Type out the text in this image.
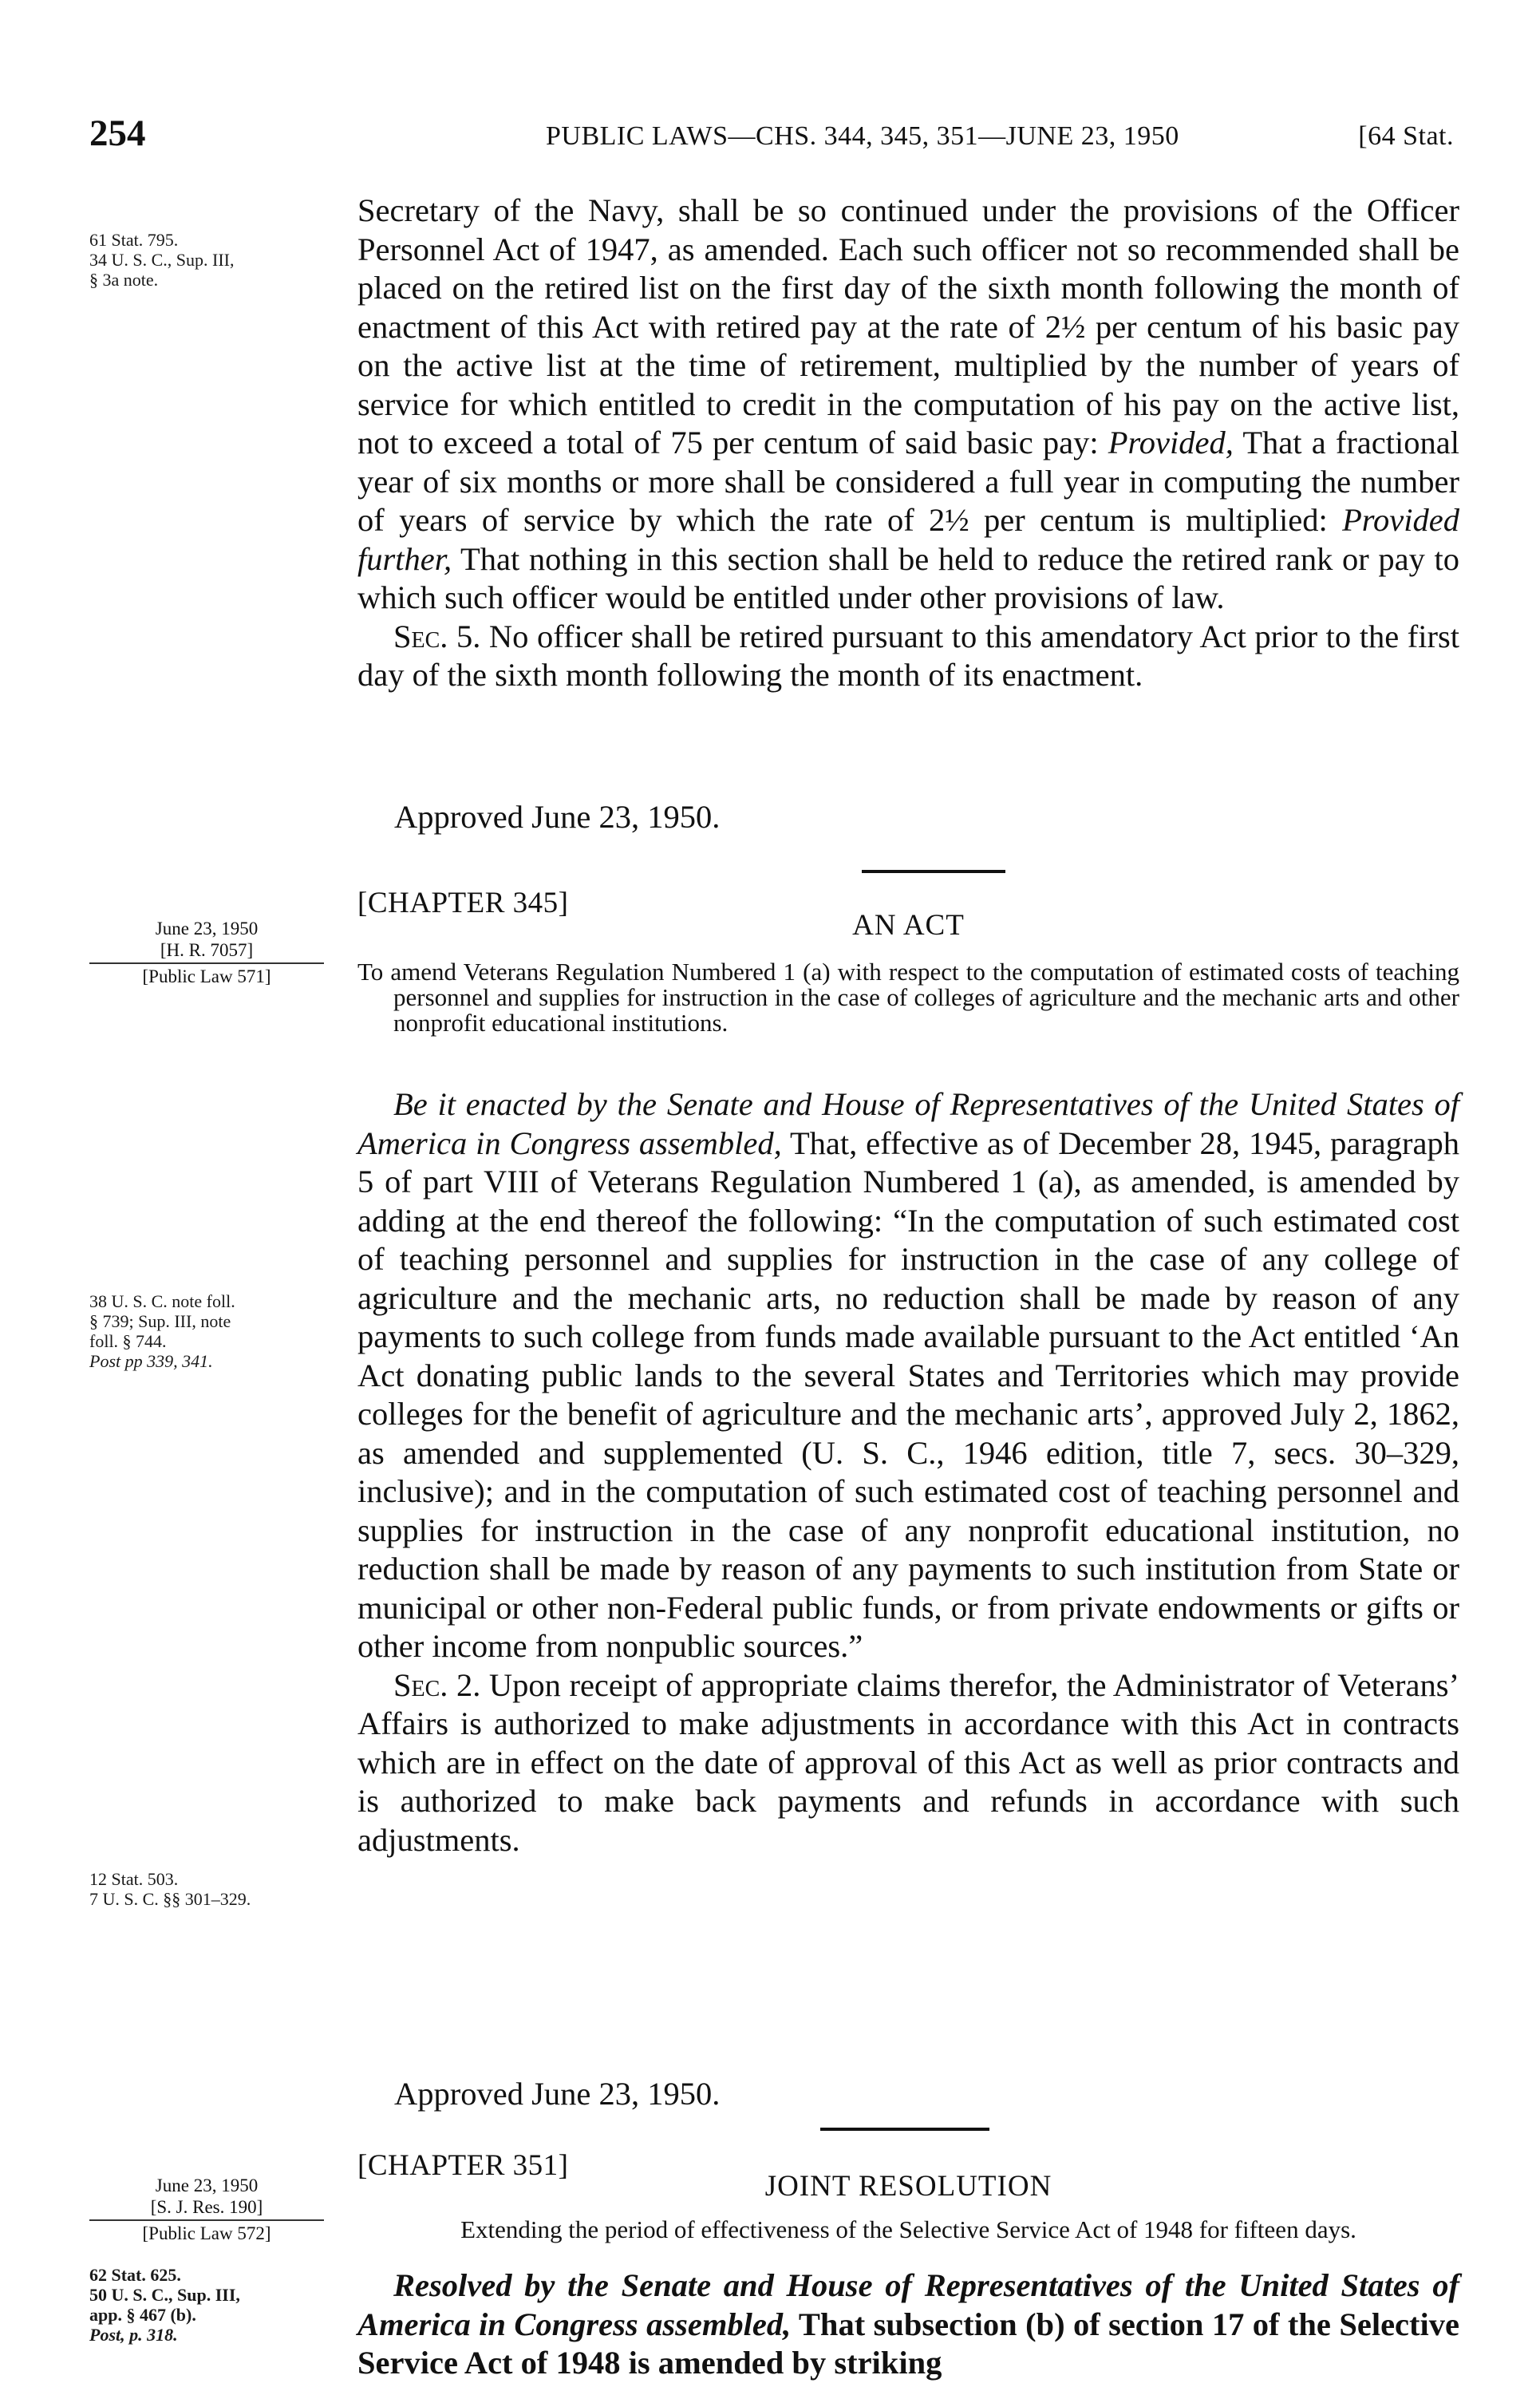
254	PUBLIC LAWS—CHS. 344, 345, 351—JUNE 23, 1950	[64 Stat.
61 Stat. 795.
34 U. S. C., Sup. III,
§ 3a note.

Secretary of the Navy, shall be so continued under the provisions of the Officer Personnel Act of 1947, as amended. Each such officer not so recommended shall be placed on the retired list on the first day of the sixth month following the month of enactment of this Act with retired pay at the rate of 2½ per centum of his basic pay on the active list at the time of retirement, multiplied by the number of years of service for which entitled to credit in the computation of his pay on the active list, not to exceed a total of 75 per centum of said basic pay: Provided, That a fractional year of six months or more shall be considered a full year in computing the number of years of service by which the rate of 2½ per centum is multiplied: Provided further, That nothing in this section shall be held to reduce the retired rank or pay to which such officer would be entitled under other provisions of law.

Sec. 5. No officer shall be retired pursuant to this amendatory Act prior to the first day of the sixth month following the month of its enactment.

Approved June 23, 1950.
[CHAPTER 345]
AN ACT
June 23, 1950
[H. R. 7057]
[Public Law 571]	To amend Veterans Regulation Numbered 1 (a) with respect to the computation of estimated costs of teaching personnel and supplies for instruction in the case of colleges of agriculture and the mechanic arts and other nonprofit educational institutions.
38 U. S. C. note foll.
§ 739; Sup. III, note
foll. § 744.
Post pp 339, 341.
12 Stat. 503.
7 U. S. C. §§ 301–329.

Be it enacted by the Senate and House of Representatives of the United States of America in Congress assembled, That, effective as of December 28, 1945, paragraph 5 of part VIII of Veterans Regulation Numbered 1 (a), as amended, is amended by adding at the end thereof the following: “In the computation of such estimated cost of teaching personnel and supplies for instruction in the case of any college of agriculture and the mechanic arts, no reduction shall be made by reason of any payments to such college from funds made available pursuant to the Act entitled ‘An Act donating public lands to the several States and Territories which may provide colleges for the benefit of agriculture and the mechanic arts’, approved July 2, 1862, as amended and supplemented (U. S. C., 1946 edition, title 7, secs. 30–329, inclusive); and in the computation of such estimated cost of teaching personnel and supplies for instruction in the case of any nonprofit educational institution, no reduction shall be made by reason of any payments to such institution from State or municipal or other non-Federal public funds, or from private endowments or gifts or other income from nonpublic sources.”

Sec. 2. Upon receipt of appropriate claims therefor, the Administrator of Veterans’ Affairs is authorized to make adjustments in accordance with this Act in contracts which are in effect on the date of approval of this Act as well as prior contracts and is authorized to make back payments and refunds in accordance with such adjustments.

Approved June 23, 1950.
[CHAPTER 351]
JOINT RESOLUTION
June 23, 1950
[S. J. Res. 190]
[Public Law 572]	Extending the period of effectiveness of the Selective Service Act of 1948 for fifteen days.
62 Stat. 625.
50 U. S. C., Sup. III,
app. § 467 (b).
Post, p. 318.

Resolved by the Senate and House of Representatives of the United States of America in Congress assembled, That subsection (b) of section 17 of the Selective Service Act of 1948 is amended by striking
